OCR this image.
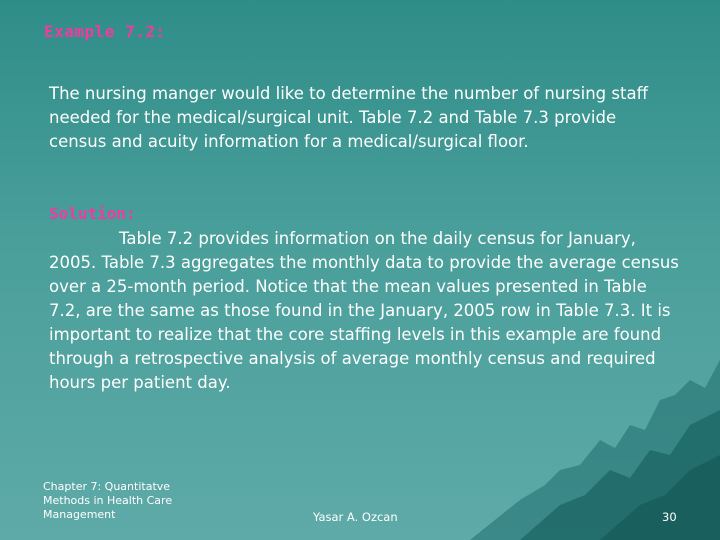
Example 7.2:
The nursing manger would like to determine the number of nursing staff needed for the medical/surgical unit. Table 7.2 and Table 7.3 provide census and acuity information for a medical/surgical floor.
Solution:
Table 7.2 provides information on the daily census for January, 2005. Table 7.3 aggregates the monthly data to provide the average census over a 25-month period. Notice that the mean values presented in Table 7.2, are the same as those found in the January, 2005 row in Table 7.3. It is important to realize that the core staffing levels in this example are found through a retrospective analysis of average monthly census and required hours per patient day.
Chapter 7: Quantitatve Methods in Health Care Management	Yasar A. Ozcan	30
